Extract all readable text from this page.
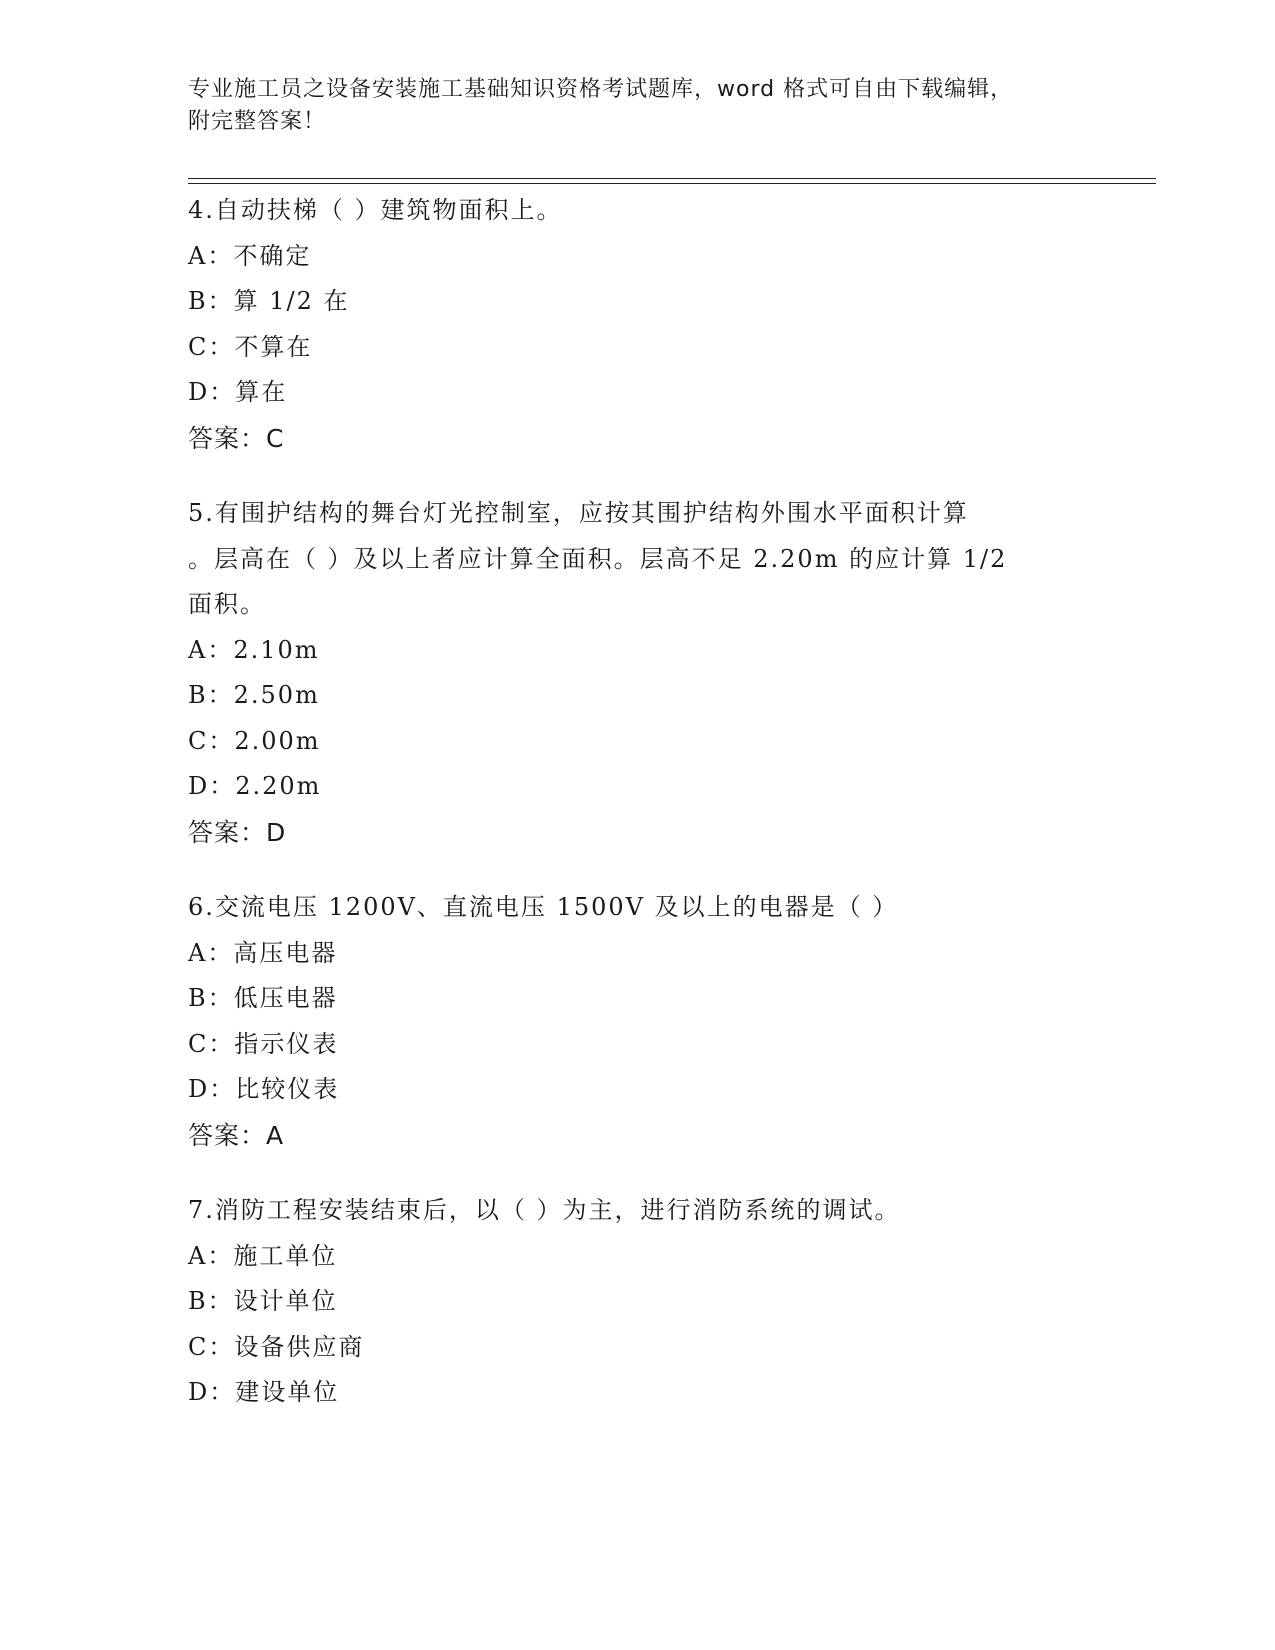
专业施工员之设备安装施工基础知识资格考试题库，word 格式可自由下载编辑，
附完整答案！
4.自动扶梯（ ）建筑物面积上。
A：不确定
B：算 1/2 在
C：不算在
D：算在
答案：C
5.有围护结构的舞台灯光控制室，应按其围护结构外围水平面积计算
。层高在（ ）及以上者应计算全面积。层高不足 2.20m 的应计算 1/2
面积。
A：2.10m
B：2.50m
C：2.00m
D：2.20m
答案：D
6.交流电压 1200V、直流电压 1500V 及以上的电器是（ ）
A：高压电器
B：低压电器
C：指示仪表
D：比较仪表
答案：A
7.消防工程安装结束后，以（ ）为主，进行消防系统的调试。
A：施工单位
B：设计单位
C：设备供应商
D：建设单位
